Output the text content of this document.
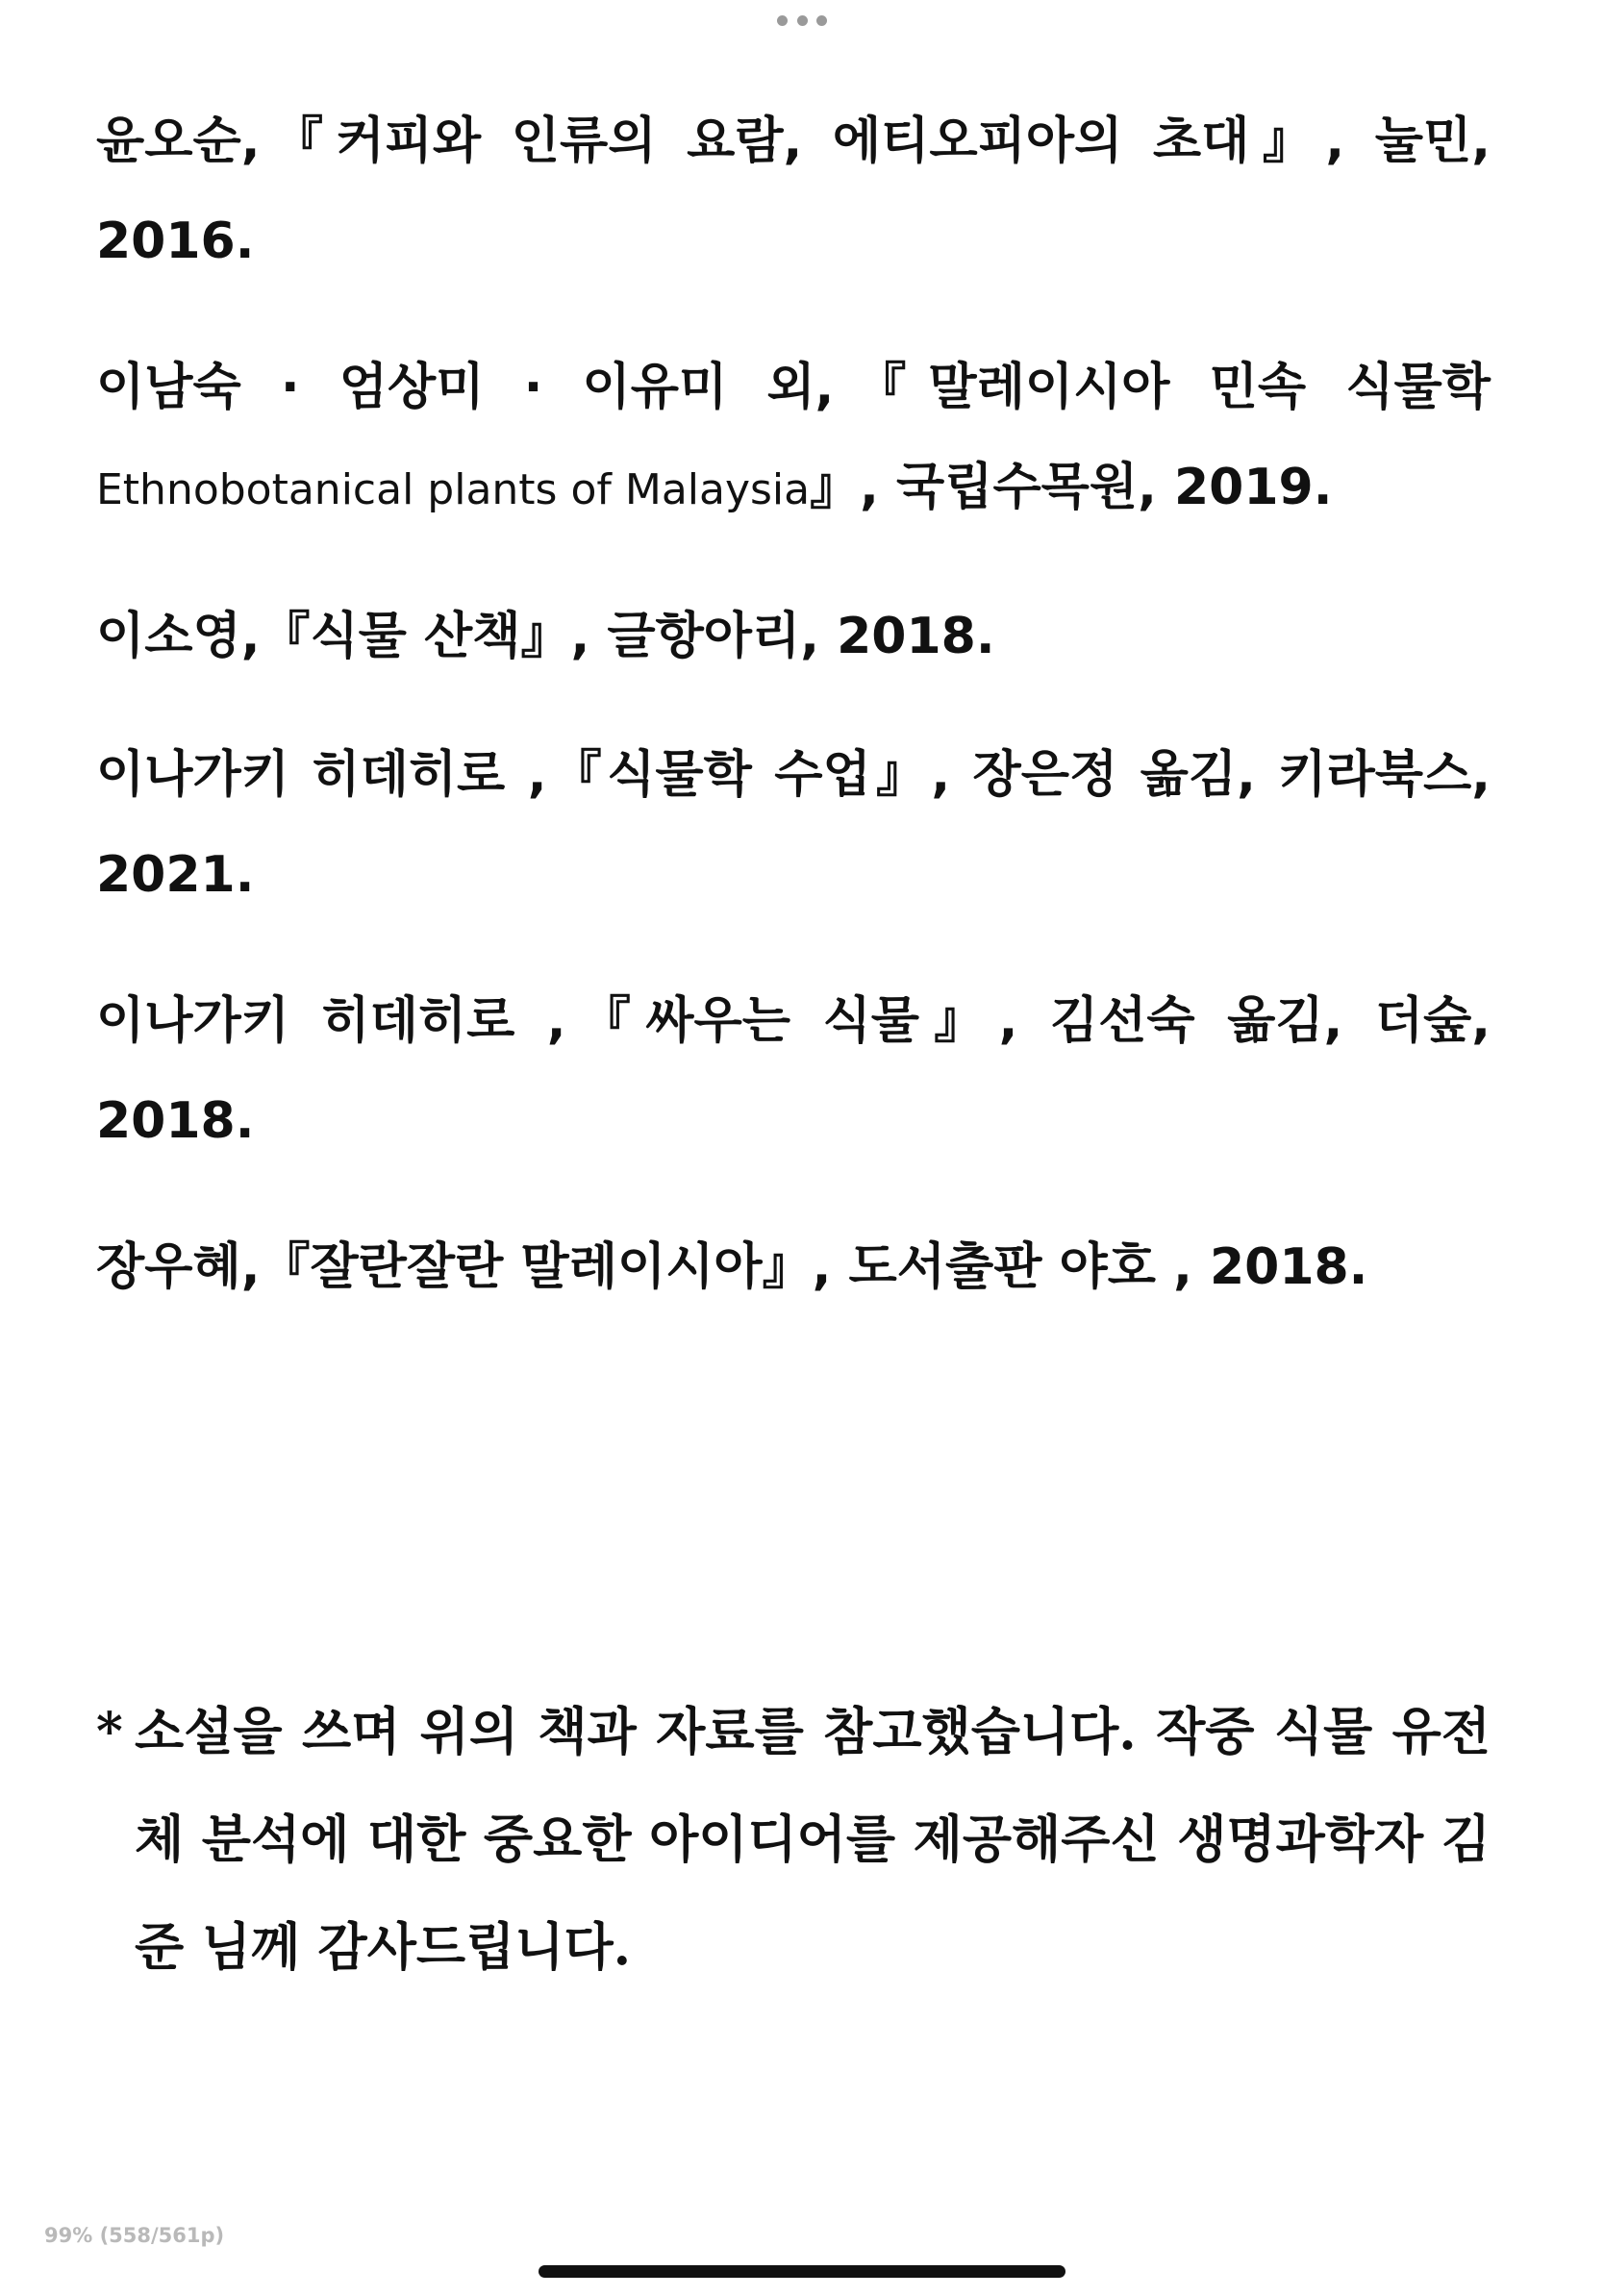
윤오순,『커피와 인류의 요람, 에티오피아의 초대』, 눌민, 2016.

이남숙 · 엄상미 · 이유미 외,『말레이시아 민속 식물학 Ethnobotanical plants of Malaysia』, 국립수목원, 2019.

이소영,『식물 산책』, 글항아리, 2018.

이나가키 히데히로 ,『식물학 수업』, 장은정 옮김, 키라북스, 2021.

이나가키 히데히로 ,『싸우는 식물』, 김선숙 옮김, 더숲, 2018.

장우혜,『잘란잘란 말레이시아』, 도서출판 야호 , 2018.

* 소설을 쓰며 위의 책과 자료를 참고했습니다. 작중 식물 유전체 분석에 대한 중요한 아이디어를 제공해주신 생명과학자 김준 님께 감사드립니다.
99% (558/561p)
